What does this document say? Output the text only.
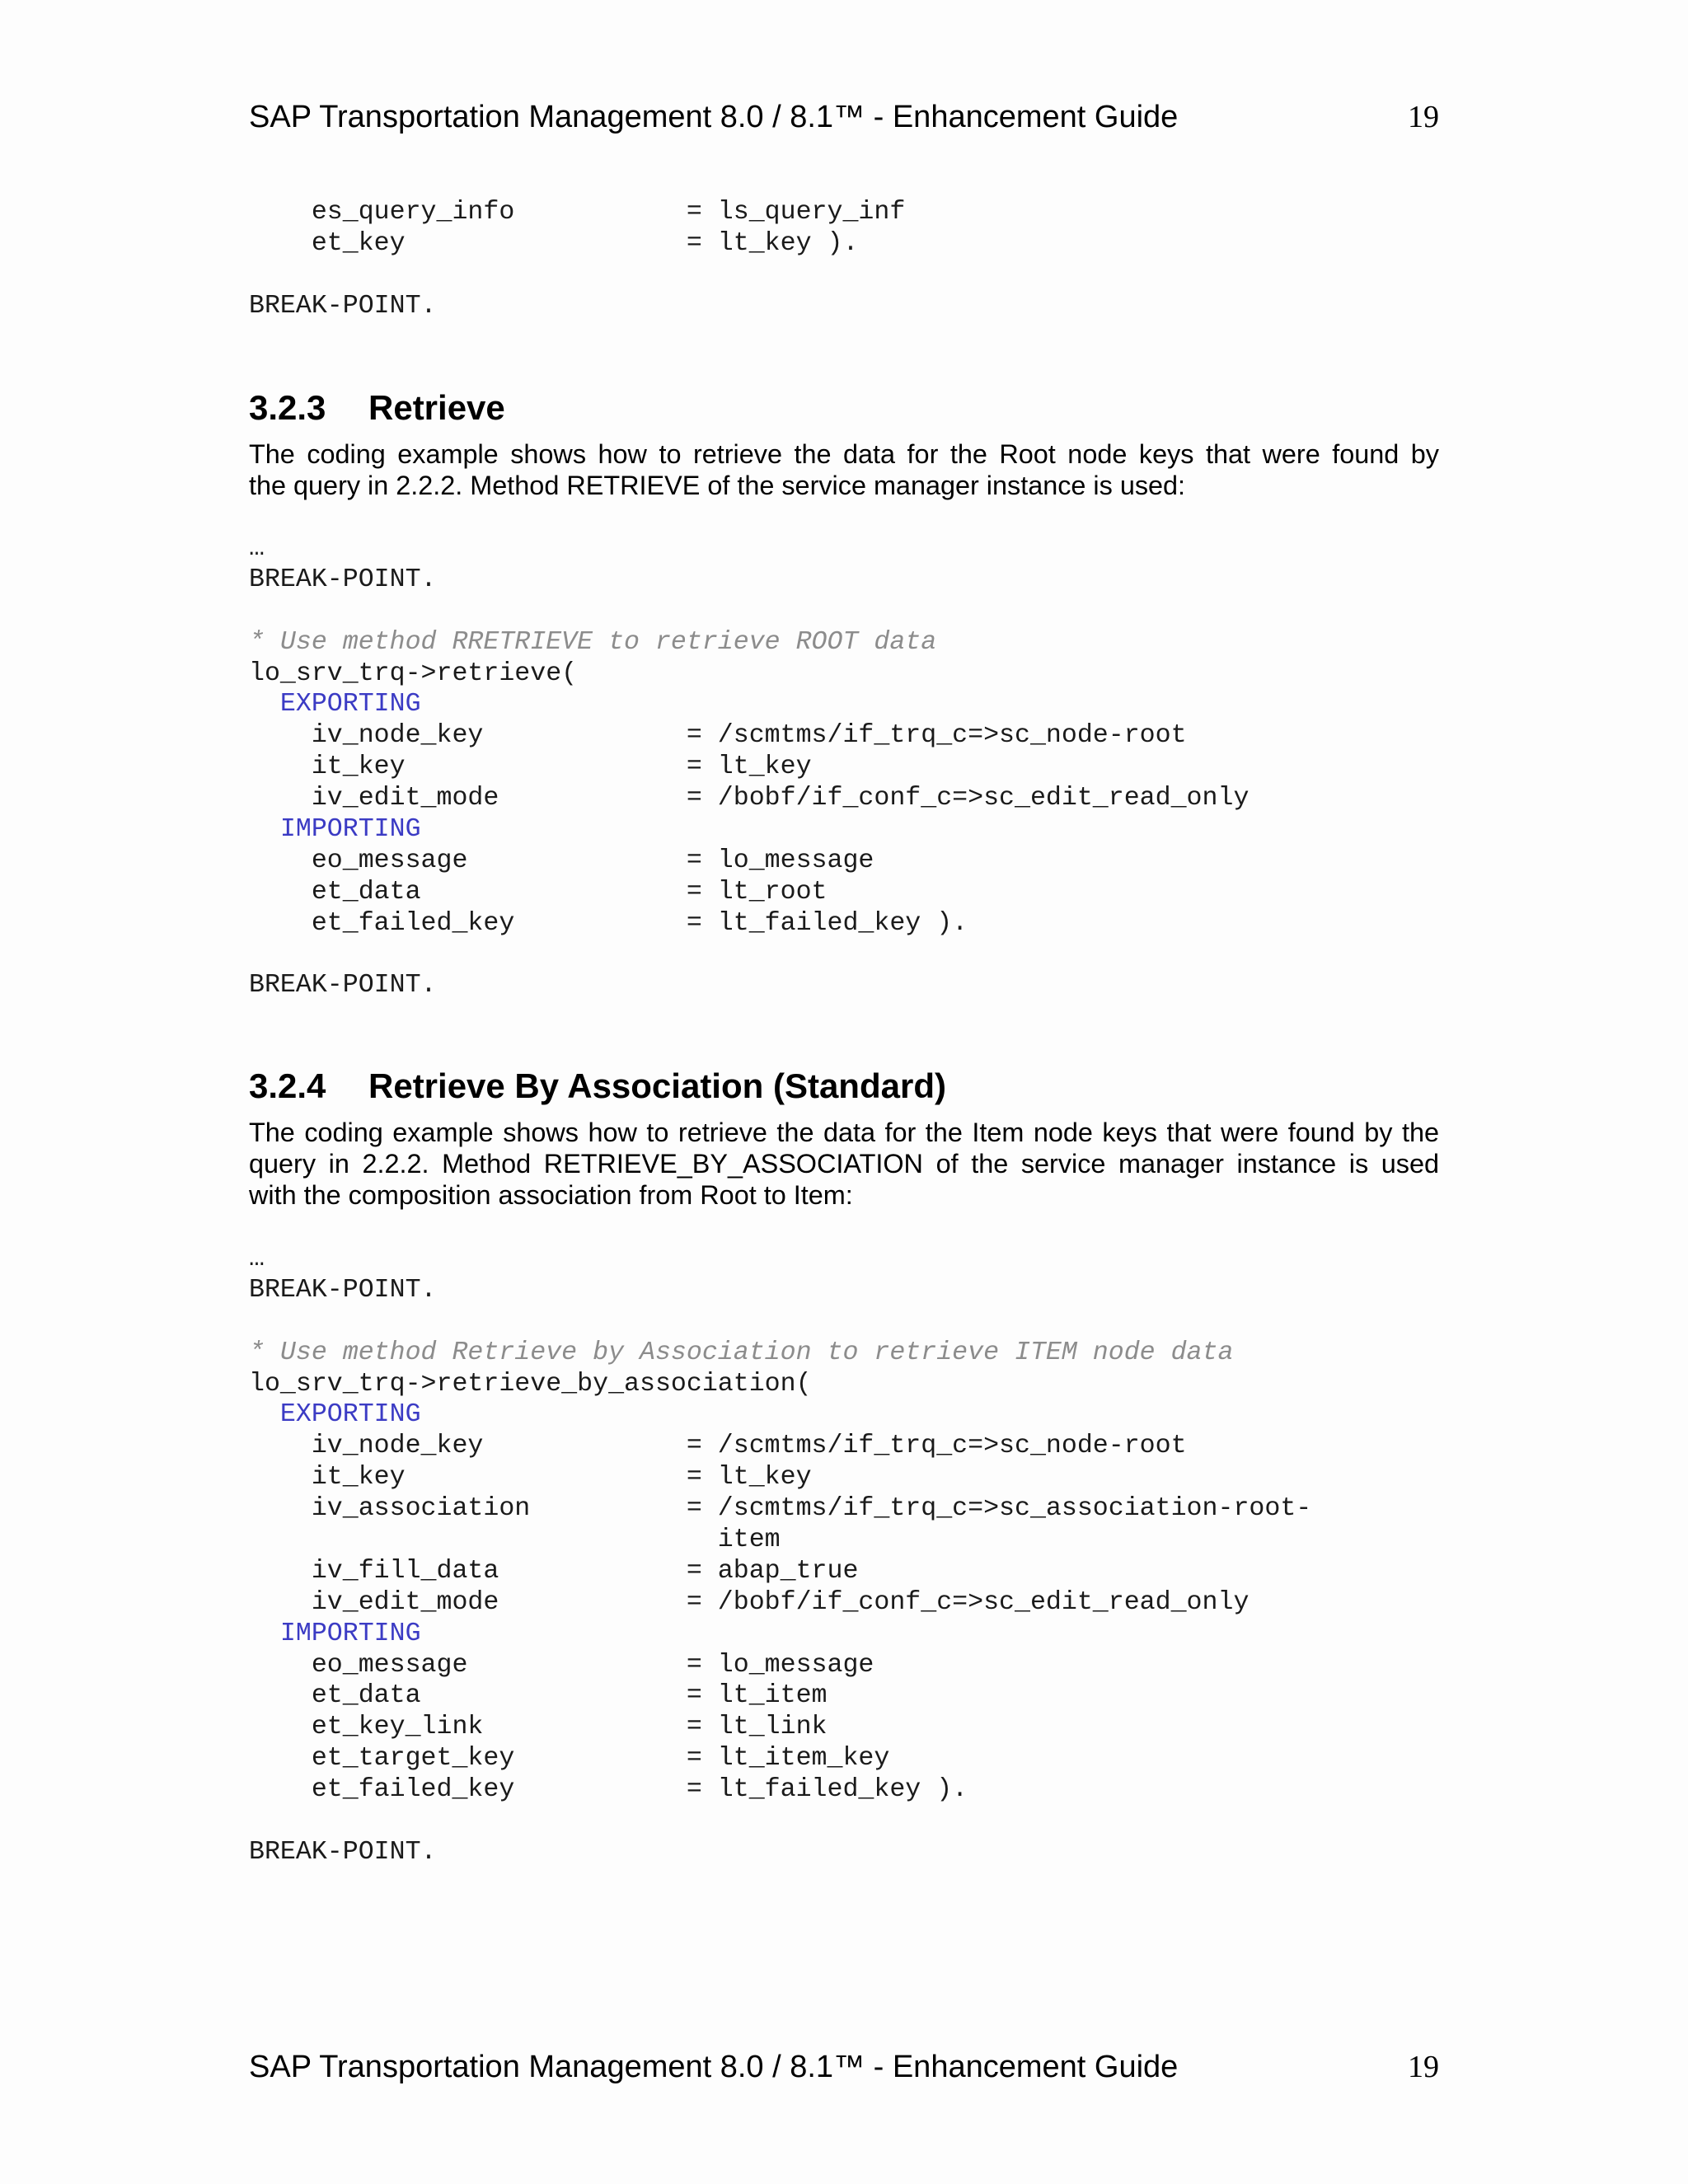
SAP Transportation Management 8.0 / 8.1™ - Enhancement Guide	19
es_query_info           = ls_query_inf
et_key                  = lt_key ).
BREAK-POINT.
3.2.3 Retrieve
The coding example shows how to retrieve the data for the Root node keys that were found by
the query in 2.2.2. Method RETRIEVE of the service manager instance is used:
…
BREAK-POINT.
* Use method RRETRIEVE to retrieve ROOT data
lo_srv_trq->retrieve(
EXPORTING
iv_node_key             = /scmtms/if_trq_c=>sc_node-root
it_key                  = lt_key
iv_edit_mode            = /bobf/if_conf_c=>sc_edit_read_only
IMPORTING
eo_message              = lo_message
et_data                 = lt_root
et_failed_key           = lt_failed_key ).
BREAK-POINT.
3.2.4 Retrieve By Association (Standard)
The coding example shows how to retrieve the data for the Item node keys that were found by the
query in 2.2.2. Method RETRIEVE_BY_ASSOCIATION of the service manager instance is used
with the composition association from Root to Item:
…
BREAK-POINT.
* Use method Retrieve by Association to retrieve ITEM node data
lo_srv_trq->retrieve_by_association(
EXPORTING
iv_node_key             = /scmtms/if_trq_c=>sc_node-root
it_key                  = lt_key
iv_association          = /scmtms/if_trq_c=>sc_association-root-
item
iv_fill_data            = abap_true
iv_edit_mode            = /bobf/if_conf_c=>sc_edit_read_only
IMPORTING
eo_message              = lo_message
et_data                 = lt_item
et_key_link             = lt_link
et_target_key           = lt_item_key
et_failed_key           = lt_failed_key ).
BREAK-POINT.
SAP Transportation Management 8.0 / 8.1™ - Enhancement Guide	19
